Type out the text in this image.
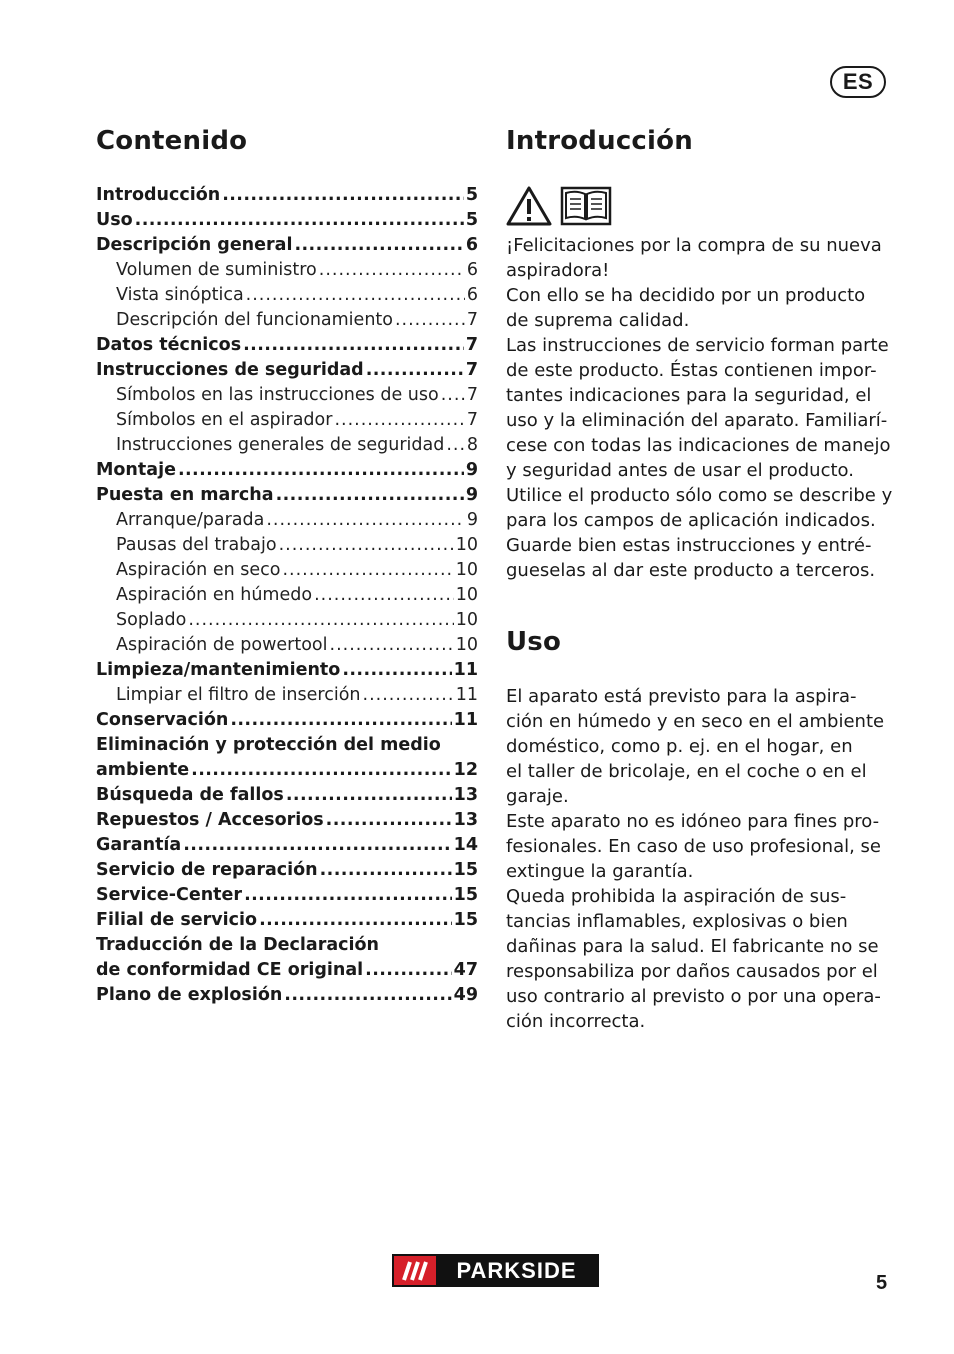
ES
Contenido
Introducción .....	5
Uso .....	5
Descripción general .....	6
Volumen de suministro .....	6
Vista sinóptica .....	6
Descripción del funcionamiento .....	7
Datos técnicos .....	7
Instrucciones de seguridad .....	7
Símbolos en las instrucciones de uso ..... 7
Símbolos en el aspirador .....	7
Instrucciones generales de seguridad ..... 8
Montaje .....	9
Puesta en marcha .....	9
Arranque/parada .....	9
Pausas del trabajo .....	10
Aspiración en seco .....	10
Aspiración en húmedo .....	10
Soplado .....	10
Aspiración de powertool .....	10
Limpieza/mantenimiento .....	11
Limpiar el filtro de inserción .....	11
Conservación .....	11
Eliminación y protección del medio
ambiente .....	12
Búsqueda de fallos .....	13
Repuestos / Accesorios .....	13
Garantía .....	14
Servicio de reparación .....	15
Service-Center .....	15
Filial de servicio .....	15
Traducción de la Declaración
de conformidad CE original .....	47
Plano de explosión .....	49
Introducción
¡Felicitaciones por la compra de su nueva
aspiradora!
Con ello se ha decidido por un producto
de suprema calidad.
Las instrucciones de servicio forman parte
de este producto. Éstas contienen impor-
tantes indicaciones para la seguridad, el
uso y la eliminación del aparato. Familiarí-
cese con todas las indicaciones de manejo
y seguridad antes de usar el producto.
Utilice el producto sólo como se describe y
para los campos de aplicación indicados.
Guarde bien estas instrucciones y entré-
gueselas al dar este producto a terceros.
Uso
El aparato está previsto para la aspira-
ción en húmedo y en seco en el ambiente
doméstico, como p. ej. en el hogar, en
el taller de bricolaje, en el coche o en el
garaje.
Este aparato no es idóneo para fines pro-
fesionales. En caso de uso profesional, se
extingue la garantía.
Queda prohibida la aspiración de sus-
tancias inflamables, explosivas o bien
dañinas para la salud. El fabricante no se
responsabiliza por daños causados por el
uso contrario al previsto o por una opera-
ción incorrecta.
PARKSIDE
5
